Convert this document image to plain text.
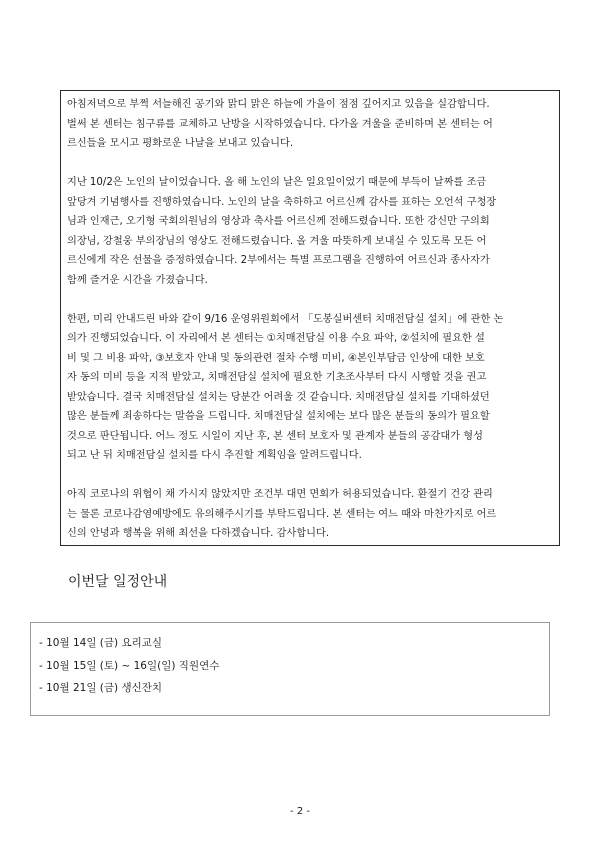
아침저녁으로 부쩍 서늘해진 공기와 맑디 맑은 하늘에 가을이 점점 깊어지고 있음을 실감합니다.

벌써 본 센터는 침구류를 교체하고 난방을 시작하였습니다. 다가올 겨울을 준비하며 본 센터는 어

르신들을 모시고 평화로운 나날을 보내고 있습니다.

지난 10/2은 노인의 날이었습니다. 올 해 노인의 날은 일요일이었기 때문에 부득이 날짜를 조금

앞당겨 기념행사를 진행하였습니다. 노인의 날을 축하하고 어르신께 감사를 표하는 오언석 구청장

님과 인재근, 오기형 국회의원님의 영상과 축사를 어르신께 전해드렸습니다. 또한 강신만 구의회

의장님, 강철웅 부의장님의 영상도 전해드렸습니다. 올 겨울 따뜻하게 보내실 수 있도록 모든 어

르신에게 작은 선물을 증정하였습니다. 2부에서는 특별 프로그램을 진행하여 어르신과 종사자가

함께 즐거운 시간을 가졌습니다.

한편, 미리 안내드린 바와 같이 9/16 운영위원회에서 「도봉실버센터 치매전담실 설치」에 관한 논

의가 진행되었습니다. 이 자리에서 본 센터는 ①치매전담실 이용 수요 파악, ②설치에 필요한 설

비 및 그 비용 파악, ③보호자 안내 및 동의관련 절차 수행 미비, ④본인부담금 인상에 대한 보호

자 동의 미비 등을 지적 받았고, 치매전담실 설치에 필요한 기초조사부터 다시 시행할 것을 권고

받았습니다. 결국 치매전담실 설치는 당분간 어려울 것 같습니다. 치매전담실 설치를 기대하셨던

많은 분들께 죄송하다는 말씀을 드립니다. 치매전담실 설치에는 보다 많은 분들의 동의가 필요할

것으로 판단됩니다. 어느 정도 시일이 지난 후, 본 센터 보호자 및 관계자 분들의 공감대가 형성

되고 난 뒤 치매전담실 설치를 다시 추진할 계획임을 알려드립니다.

아직 코로나의 위협이 채 가시지 않았지만 조건부 대면 면회가 허용되었습니다. 환절기 건강 관리

는 물론 코로나감염예방에도 유의해주시기를 부탁드립니다. 본 센터는 여느 때와 마찬가지로 어르

신의 안녕과 행복을 위해 최선을 다하겠습니다. 감사합니다.

이번달 일정안내
- 10월 14일 (금) 요리교실
- 10월 15일 (토) ~ 16일(일) 직원연수
- 10월 21일 (금) 생신잔치
- 2 -
